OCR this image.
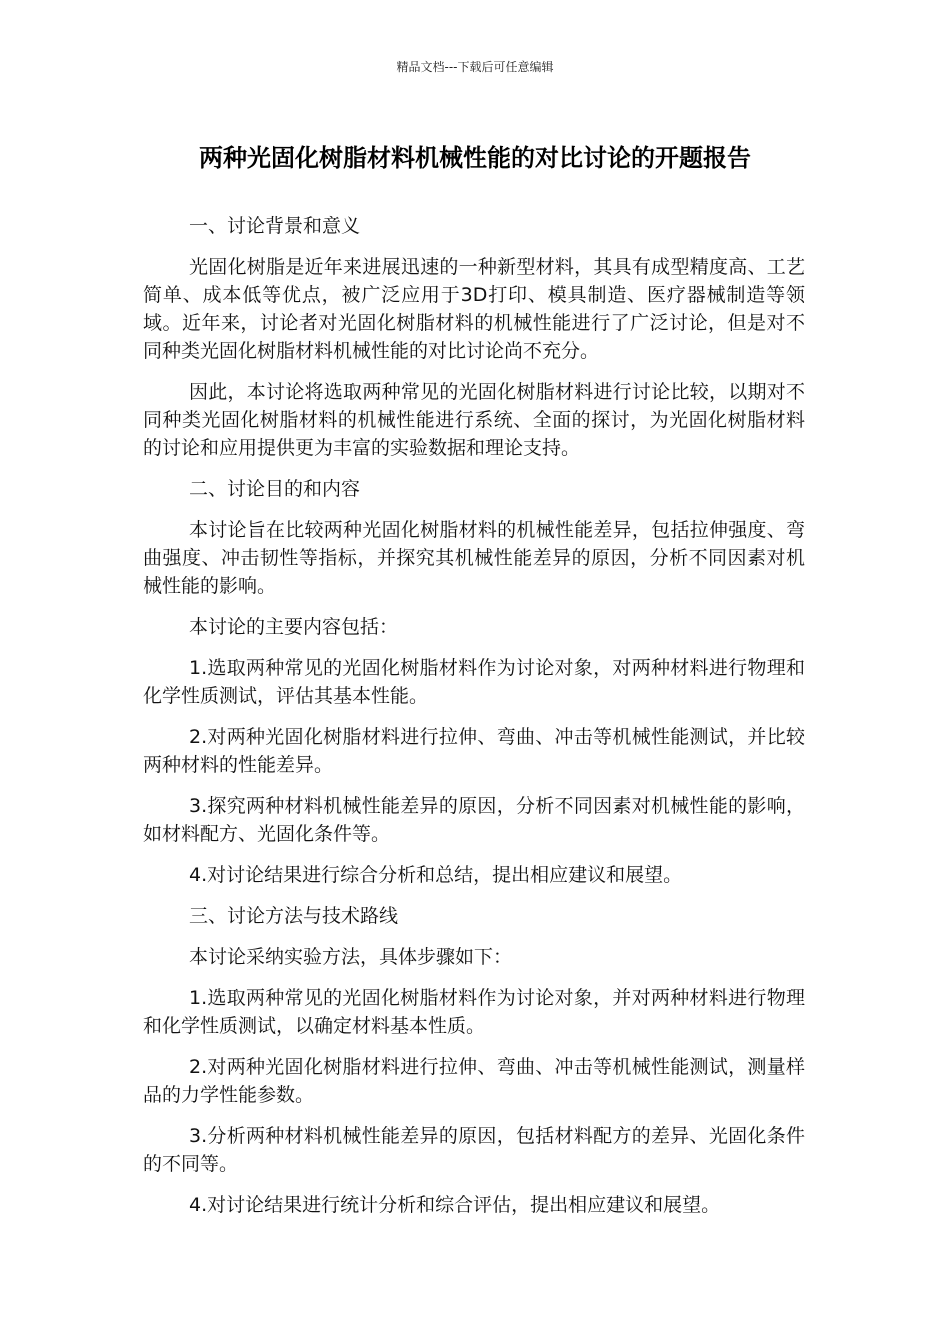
精品文档---下载后可任意编辑
两种光固化树脂材料机械性能的对比讨论的开题报告
一、讨论背景和意义

光固化树脂是近年来进展迅速的一种新型材料，其具有成型精度高、工艺简单、成本低等优点，被广泛应用于3D打印、模具制造、医疗器械制造等领域。近年来，讨论者对光固化树脂材料的机械性能进行了广泛讨论，但是对不同种类光固化树脂材料机械性能的对比讨论尚不充分。

因此，本讨论将选取两种常见的光固化树脂材料进行讨论比较，以期对不同种类光固化树脂材料的机械性能进行系统、全面的探讨，为光固化树脂材料的讨论和应用提供更为丰富的实验数据和理论支持。

二、讨论目的和内容

本讨论旨在比较两种光固化树脂材料的机械性能差异，包括拉伸强度、弯曲强度、冲击韧性等指标，并探究其机械性能差异的原因，分析不同因素对机械性能的影响。

本讨论的主要内容包括：

1.选取两种常见的光固化树脂材料作为讨论对象，对两种材料进行物理和化学性质测试，评估其基本性能。

2.对两种光固化树脂材料进行拉伸、弯曲、冲击等机械性能测试，并比较两种材料的性能差异。

3.探究两种材料机械性能差异的原因，分析不同因素对机械性能的影响，如材料配方、光固化条件等。

4.对讨论结果进行综合分析和总结，提出相应建议和展望。

三、讨论方法与技术路线

本讨论采纳实验方法，具体步骤如下：

1.选取两种常见的光固化树脂材料作为讨论对象，并对两种材料进行物理和化学性质测试，以确定材料基本性质。

2.对两种光固化树脂材料进行拉伸、弯曲、冲击等机械性能测试，测量样品的力学性能参数。

3.分析两种材料机械性能差异的原因，包括材料配方的差异、光固化条件的不同等。

4.对讨论结果进行统计分析和综合评估，提出相应建议和展望。
